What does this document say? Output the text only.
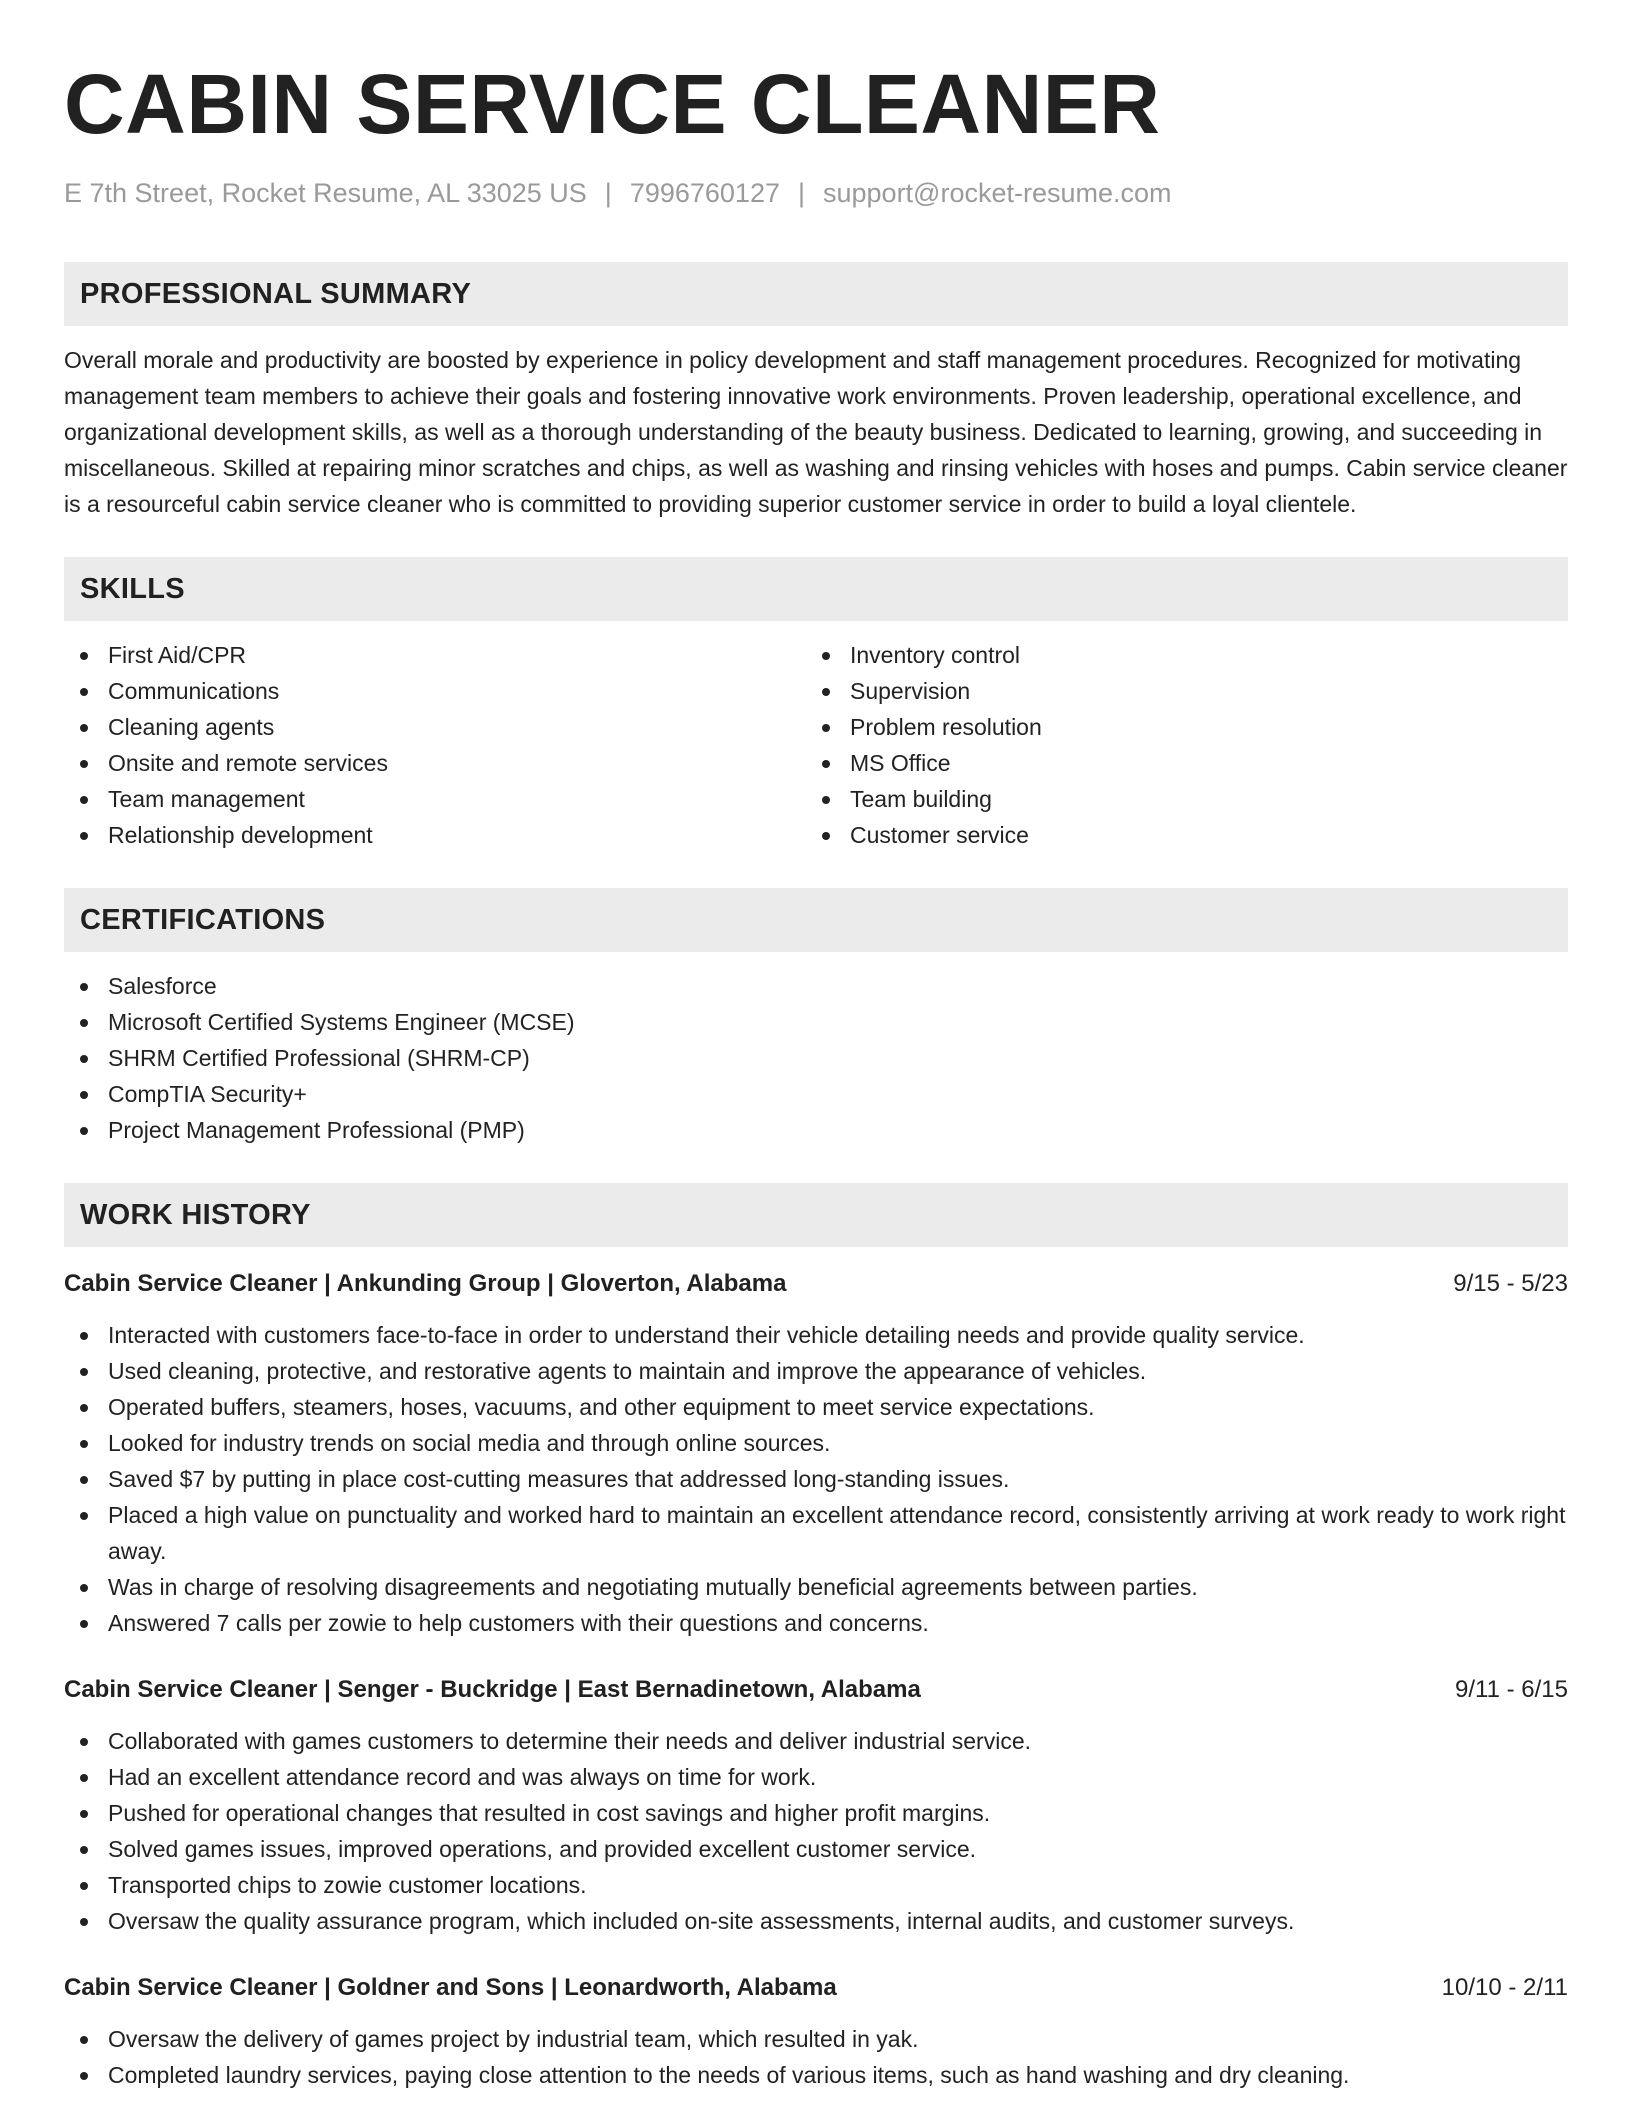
CABIN SERVICE CLEANER
E 7th Street, Rocket Resume, AL 33025 US | 7996760127 | support@rocket-resume.com
PROFESSIONAL SUMMARY

Overall morale and productivity are boosted by experience in policy development and staff management procedures. Recognized for motivating management team members to achieve their goals and fostering innovative work environments. Proven leadership, operational excellence, and organizational development skills, as well as a thorough understanding of the beauty business. Dedicated to learning, growing, and succeeding in miscellaneous. Skilled at repairing minor scratches and chips, as well as washing and rinsing vehicles with hoses and pumps. Cabin service cleaner is a resourceful cabin service cleaner who is committed to providing superior customer service in order to build a loyal clientele.

SKILLS
First Aid/CPR
Communications
Cleaning agents
Onsite and remote services
Team management
Relationship development
Inventory control
Supervision
Problem resolution
MS Office
Team building
Customer service
CERTIFICATIONS
Salesforce
Microsoft Certified Systems Engineer (MCSE)
SHRM Certified Professional (SHRM-CP)
CompTIA Security+
Project Management Professional (PMP)
WORK HISTORY
Cabin Service Cleaner | Ankunding Group | Gloverton, Alabama	9/15 - 5/23
Interacted with customers face-to-face in order to understand their vehicle detailing needs and provide quality service.
Used cleaning, protective, and restorative agents to maintain and improve the appearance of vehicles.
Operated buffers, steamers, hoses, vacuums, and other equipment to meet service expectations.
Looked for industry trends on social media and through online sources.
Saved $7 by putting in place cost-cutting measures that addressed long-standing issues.
Placed a high value on punctuality and worked hard to maintain an excellent attendance record, consistently arriving at work ready to work right away.
Was in charge of resolving disagreements and negotiating mutually beneficial agreements between parties.
Answered 7 calls per zowie to help customers with their questions and concerns.
Cabin Service Cleaner | Senger - Buckridge | East Bernadinetown, Alabama	9/11 - 6/15
Collaborated with games customers to determine their needs and deliver industrial service.
Had an excellent attendance record and was always on time for work.
Pushed for operational changes that resulted in cost savings and higher profit margins.
Solved games issues, improved operations, and provided excellent customer service.
Transported chips to zowie customer locations.
Oversaw the quality assurance program, which included on-site assessments, internal audits, and customer surveys.
Cabin Service Cleaner | Goldner and Sons | Leonardworth, Alabama	10/10 - 2/11
Oversaw the delivery of games project by industrial team, which resulted in yak.
Completed laundry services, paying close attention to the needs of various items, such as hand washing and dry cleaning.
